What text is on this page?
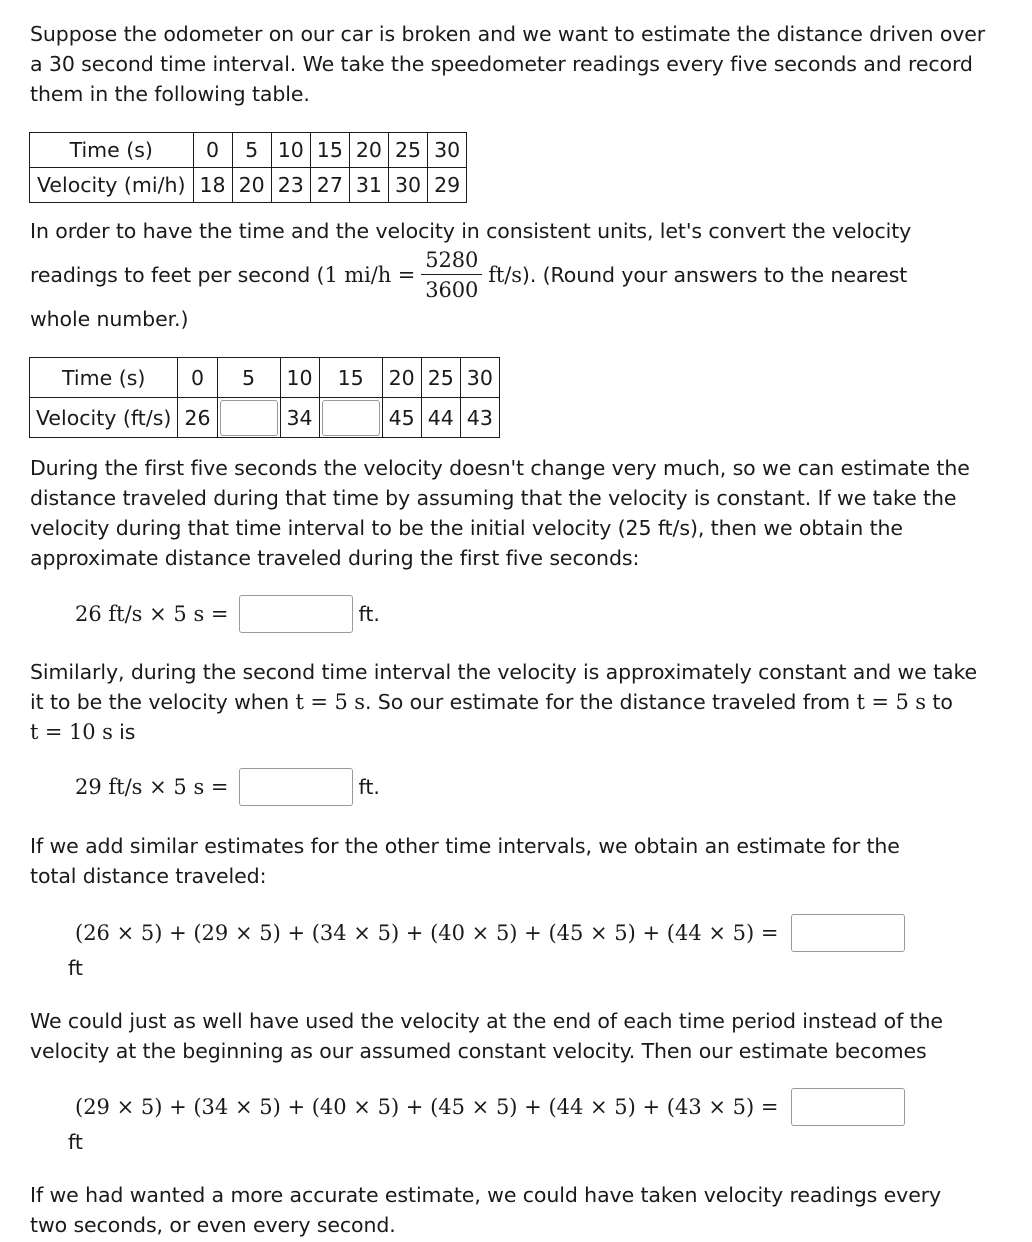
Suppose the odometer on our car is broken and we want to estimate the distance driven over a 30 second time interval. We take the speedometer readings every five seconds and record them in the following table.

Time (s)	0	5	10	15	20	25	30
Velocity (mi/h)	18	20	23	27	31	30	29
In order to have the time and the velocity in consistent units, let's convert the velocity
readings to feet per second ( 1 $mi/h = \frac{5280}{3600} ft/s$ ). (Round your answers to the nearest
whole number.)
Time (s)	0	5	10	15	20	25	30
Velocity (ft/s)	26		34		45	44	43

During the first five seconds the velocity doesn't change very much, so we can estimate the distance traveled during that time by assuming that the velocity is constant. If we take the velocity during that time interval to be the initial velocity (25 ft/s), then we obtain the approximate distance traveled during the first five seconds:

26 ft/s × 5 s =	ft.

Similarly, during the second time interval the velocity is approximately constant and we take it to be the velocity when t = 5 s. So our estimate for the distance traveled from t = 5 s to
t = 10 s is

29 ft/s × 5 s =	ft.

If we add similar estimates for the other time intervals, we obtain an estimate for the total distance traveled:

(26 × 5) + (29 × 5) + (34 × 5) + (40 × 5) + (45 × 5) + (44 × 5) =
ft

We could just as well have used the velocity at the end of each time period instead of the velocity at the beginning as our assumed constant velocity. Then our estimate becomes

(29 × 5) + (34 × 5) + (40 × 5) + (45 × 5) + (44 × 5) + (43 × 5) =
ft

If we had wanted a more accurate estimate, we could have taken velocity readings every two seconds, or even every second.
